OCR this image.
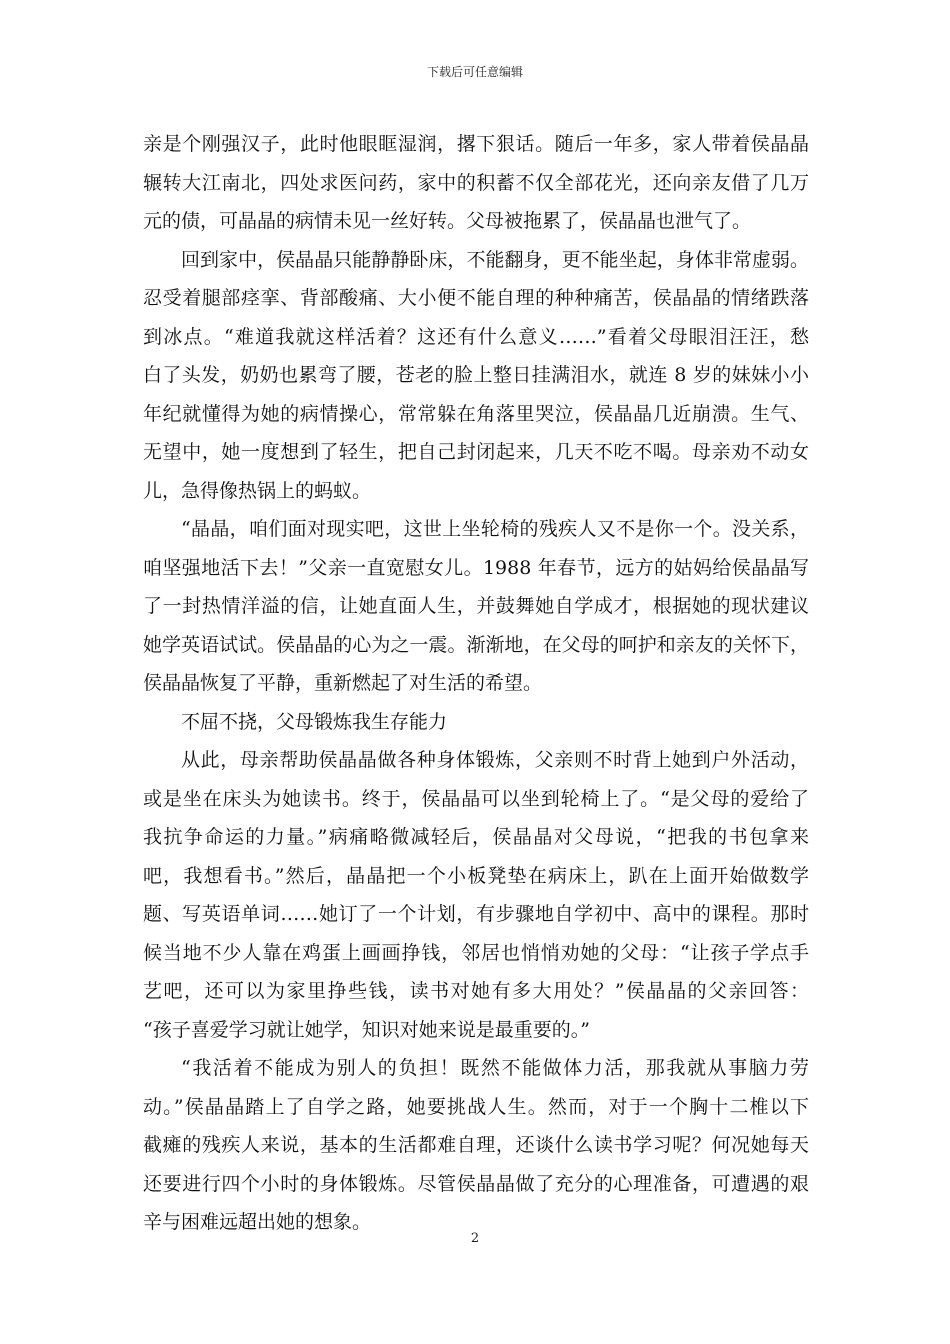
下载后可任意编辑
亲是个刚强汉子，此时他眼眶湿润，撂下狠话。随后一年多，家人带着侯晶晶
辗转大江南北，四处求医问药，家中的积蓄不仅全部花光，还向亲友借了几万
元的债，可晶晶的病情未见一丝好转。父母被拖累了，侯晶晶也泄气了。
回到家中，侯晶晶只能静静卧床，不能翻身，更不能坐起，身体非常虚弱。
忍受着腿部痉挛、背部酸痛、大小便不能自理的种种痛苦，侯晶晶的情绪跌落
到冰点。“难道我就这样活着？这还有什么意义……”看着父母眼泪汪汪，愁
白了头发，奶奶也累弯了腰，苍老的脸上整日挂满泪水，就连 8 岁的妹妹小小
年纪就懂得为她的病情操心，常常躲在角落里哭泣，侯晶晶几近崩溃。生气、
无望中，她一度想到了轻生，把自己封闭起来，几天不吃不喝。母亲劝不动女
儿，急得像热锅上的蚂蚁。
“晶晶，咱们面对现实吧，这世上坐轮椅的残疾人又不是你一个。没关系，
咱坚强地活下去！”父亲一直宽慰女儿。1988 年春节，远方的姑妈给侯晶晶写
了一封热情洋溢的信，让她直面人生，并鼓舞她自学成才，根据她的现状建议
她学英语试试。侯晶晶的心为之一震。渐渐地，在父母的呵护和亲友的关怀下，
侯晶晶恢复了平静，重新燃起了对生活的希望。
不屈不挠，父母锻炼我生存能力
从此，母亲帮助侯晶晶做各种身体锻炼，父亲则不时背上她到户外活动，
或是坐在床头为她读书。终于，侯晶晶可以坐到轮椅上了。“是父母的爱给了
我抗争命运的力量。”病痛略微减轻后，侯晶晶对父母说，“把我的书包拿来
吧，我想看书。”然后，晶晶把一个小板凳垫在病床上，趴在上面开始做数学
题、写英语单词……她订了一个计划，有步骤地自学初中、高中的课程。那时
候当地不少人靠在鸡蛋上画画挣钱，邻居也悄悄劝她的父母：“让孩子学点手
艺吧，还可以为家里挣些钱，读书对她有多大用处？”侯晶晶的父亲回答：
“孩子喜爱学习就让她学，知识对她来说是最重要的。”
“我活着不能成为别人的负担！既然不能做体力活，那我就从事脑力劳
动。”侯晶晶踏上了自学之路，她要挑战人生。然而，对于一个胸十二椎以下
截瘫的残疾人来说，基本的生活都难自理，还谈什么读书学习呢？何况她每天
还要进行四个小时的身体锻炼。尽管侯晶晶做了充分的心理准备，可遭遇的艰
辛与困难远超出她的想象。
2
